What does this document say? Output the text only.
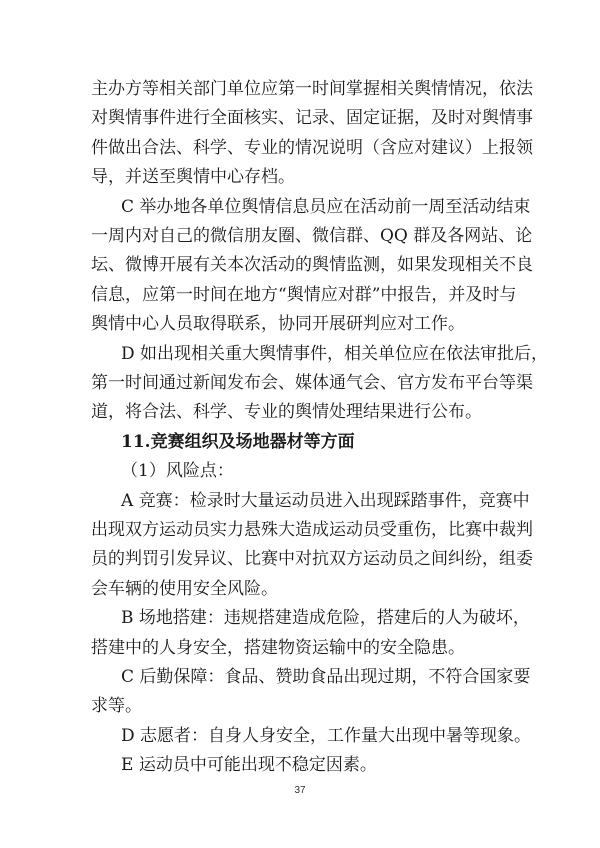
主办方等相关部门单位应第一时间掌握相关舆情情况，依法
对舆情事件进行全面核实、记录、固定证据，及时对舆情事
件做出合法、科学、专业的情况说明（含应对建议）上报领
导，并送至舆情中心存档。
C 举办地各单位舆情信息员应在活动前一周至活动结束
一周内对自己的微信朋友圈、微信群、QQ 群及各网站、论
坛、微博开展有关本次活动的舆情监测，如果发现相关不良
信息，应第一时间在地方“舆情应对群”中报告，并及时与
舆情中心人员取得联系，协同开展研判应对工作。
D 如出现相关重大舆情事件，相关单位应在依法审批后，
第一时间通过新闻发布会、媒体通气会、官方发布平台等渠
道，将合法、科学、专业的舆情处理结果进行公布。
11.竞赛组织及场地器材等方面
（1）风险点：
A 竞赛：检录时大量运动员进入出现踩踏事件，竞赛中
出现双方运动员实力悬殊大造成运动员受重伤，比赛中裁判
员的判罚引发异议、比赛中对抗双方运动员之间纠纷，组委
会车辆的使用安全风险。
B 场地搭建：违规搭建造成危险，搭建后的人为破坏，
搭建中的人身安全，搭建物资运输中的安全隐患。
C 后勤保障：食品、赞助食品出现过期，不符合国家要
求等。
37
D 志愿者：自身人身安全，工作量大出现中暑等现象。
E 运动员中可能出现不稳定因素。
